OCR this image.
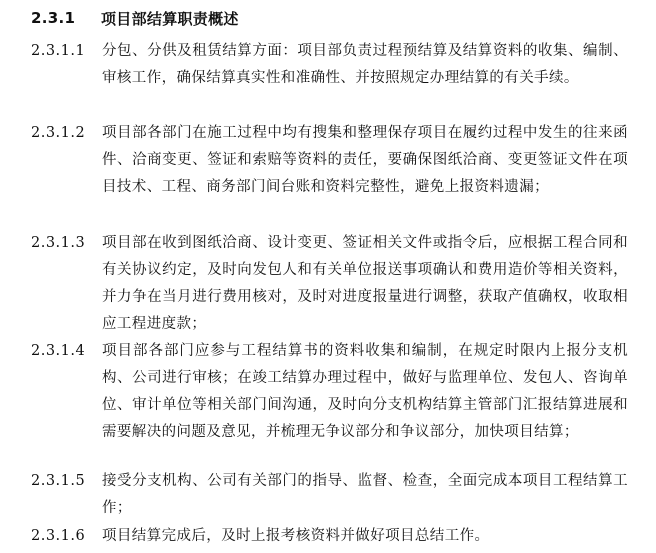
2.3.1	项目部结算职责概述
2.3.1.1 分包、分供及租赁结算方面：项目部负责过程预结算及结算资料的收集、编制、审核工作，确保结算真实性和准确性、并按照规定办理结算的有关手续。
2.3.1.2 项目部各部门在施工过程中均有搜集和整理保存项目在履约过程中发生的往来函件、洽商变更、签证和索赔等资料的责任，要确保图纸洽商、变更签证文件在项目技术、工程、商务部门间台账和资料完整性，避免上报资料遗漏；
2.3.1.3 项目部在收到图纸洽商、设计变更、签证相关文件或指令后，应根据工程合同和有关协议约定，及时向发包人和有关单位报送事项确认和费用造价等相关资料，并力争在当月进行费用核对，及时对进度报量进行调整，获取产值确权，收取相应工程进度款；
2.3.1.4 项目部各部门应参与工程结算书的资料收集和编制，在规定时限内上报分支机构、公司进行审核；在竣工结算办理过程中，做好与监理单位、发包人、咨询单位、审计单位等相关部门间沟通，及时向分支机构结算主管部门汇报结算进展和需要解决的问题及意见，并梳理无争议部分和争议部分，加快项目结算；
2.3.1.5 接受分支机构、公司有关部门的指导、监督、检查，全面完成本项目工程结算工作；
2.3.1.6 项目结算完成后，及时上报考核资料并做好项目总结工作。
